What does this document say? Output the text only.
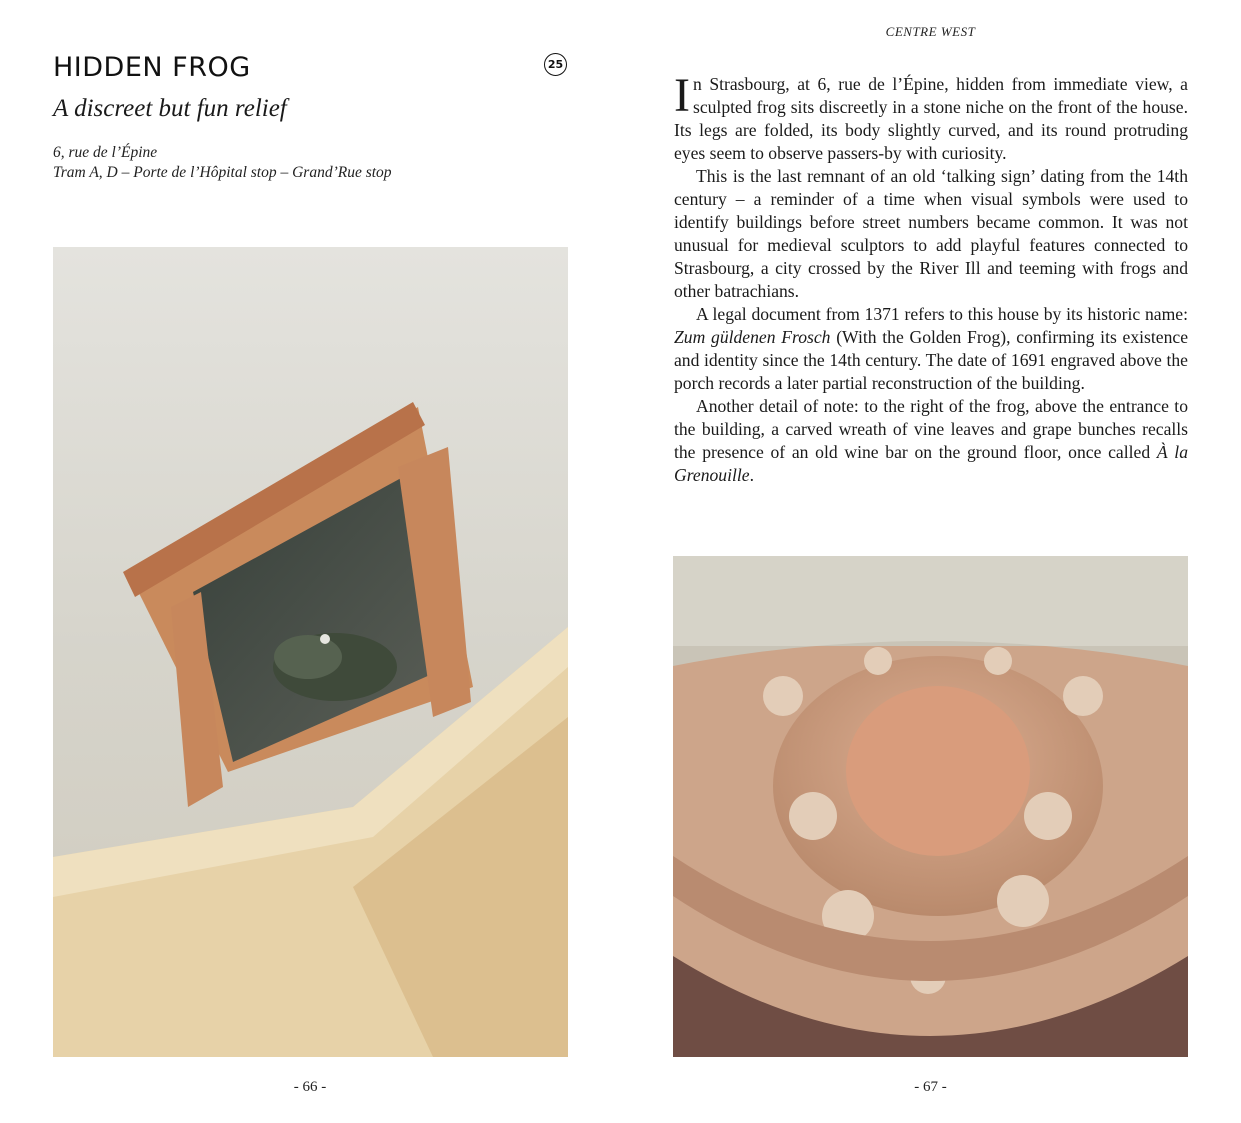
HIDDEN FROG	25
A discreet but fun relief
6, rue de l’Épine
Tram A, D – Porte de l’Hôpital stop – Grand’Rue stop
- 66 -
CENTRE WEST

In Strasbourg, at 6, rue de l’Épine, hidden from immediate view, a sculpted frog sits discreetly in a stone niche on the front of the house. Its legs are folded, its body slightly curved, and its round protruding eyes seem to observe passers-by with curiosity.

This is the last remnant of an old ‘talking sign’ dating from the 14th century – a reminder of a time when visual symbols were used to identify buildings before street numbers became common. It was not unusual for medieval sculptors to add playful features connected to Strasbourg, a city crossed by the River Ill and teeming with frogs and other batrachians.

A legal document from 1371 refers to this house by its historic name: Zum güldenen Frosch (With the Golden Frog), confirming its existence and identity since the 14th century. The date of 1691 engraved above the porch records a later partial reconstruction of the building.

Another detail of note: to the right of the frog, above the entrance to the building, a carved wreath of vine leaves and grape bunches recalls the presence of an old wine bar on the ground floor, once called À la Grenouille.

- 67 -
